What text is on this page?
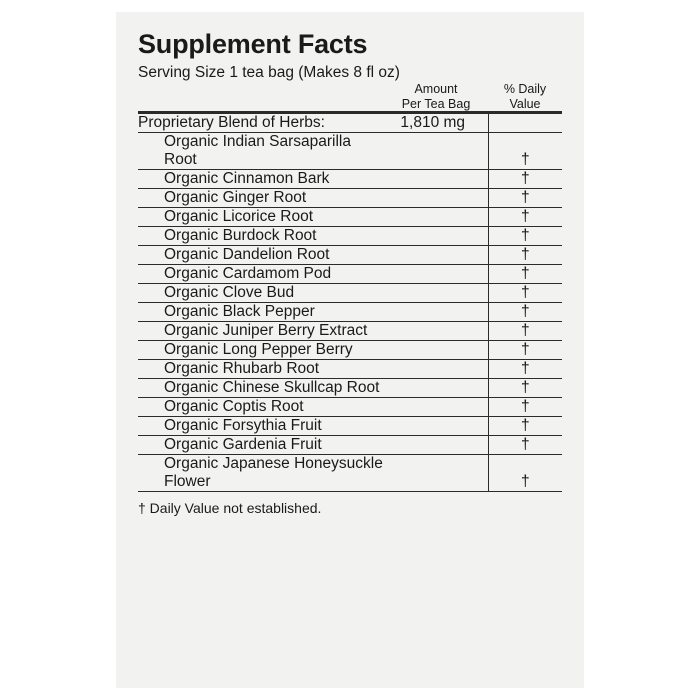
Supplement Facts
Serving Size 1 tea bag (Makes 8 fl oz)

Amount
Per Tea Bag

% Daily
Value

Proprietary Blend of Herbs:	1,810 mg	
Organic Indian Sarsaparilla Root		†
Organic Cinnamon Bark		†
Organic Ginger Root		†
Organic Licorice Root		†
Organic Burdock Root		†
Organic Dandelion Root		†
Organic Cardamom Pod		†
Organic Clove Bud		†
Organic Black Pepper		†
Organic Juniper Berry Extract		†
Organic Long Pepper Berry		†
Organic Rhubarb Root		†
Organic Chinese Skullcap Root		†
Organic Coptis Root		†
Organic Forsythia Fruit		†
Organic Gardenia Fruit		†
Organic Japanese Honeysuckle Flower		†
† Daily Value not established.
